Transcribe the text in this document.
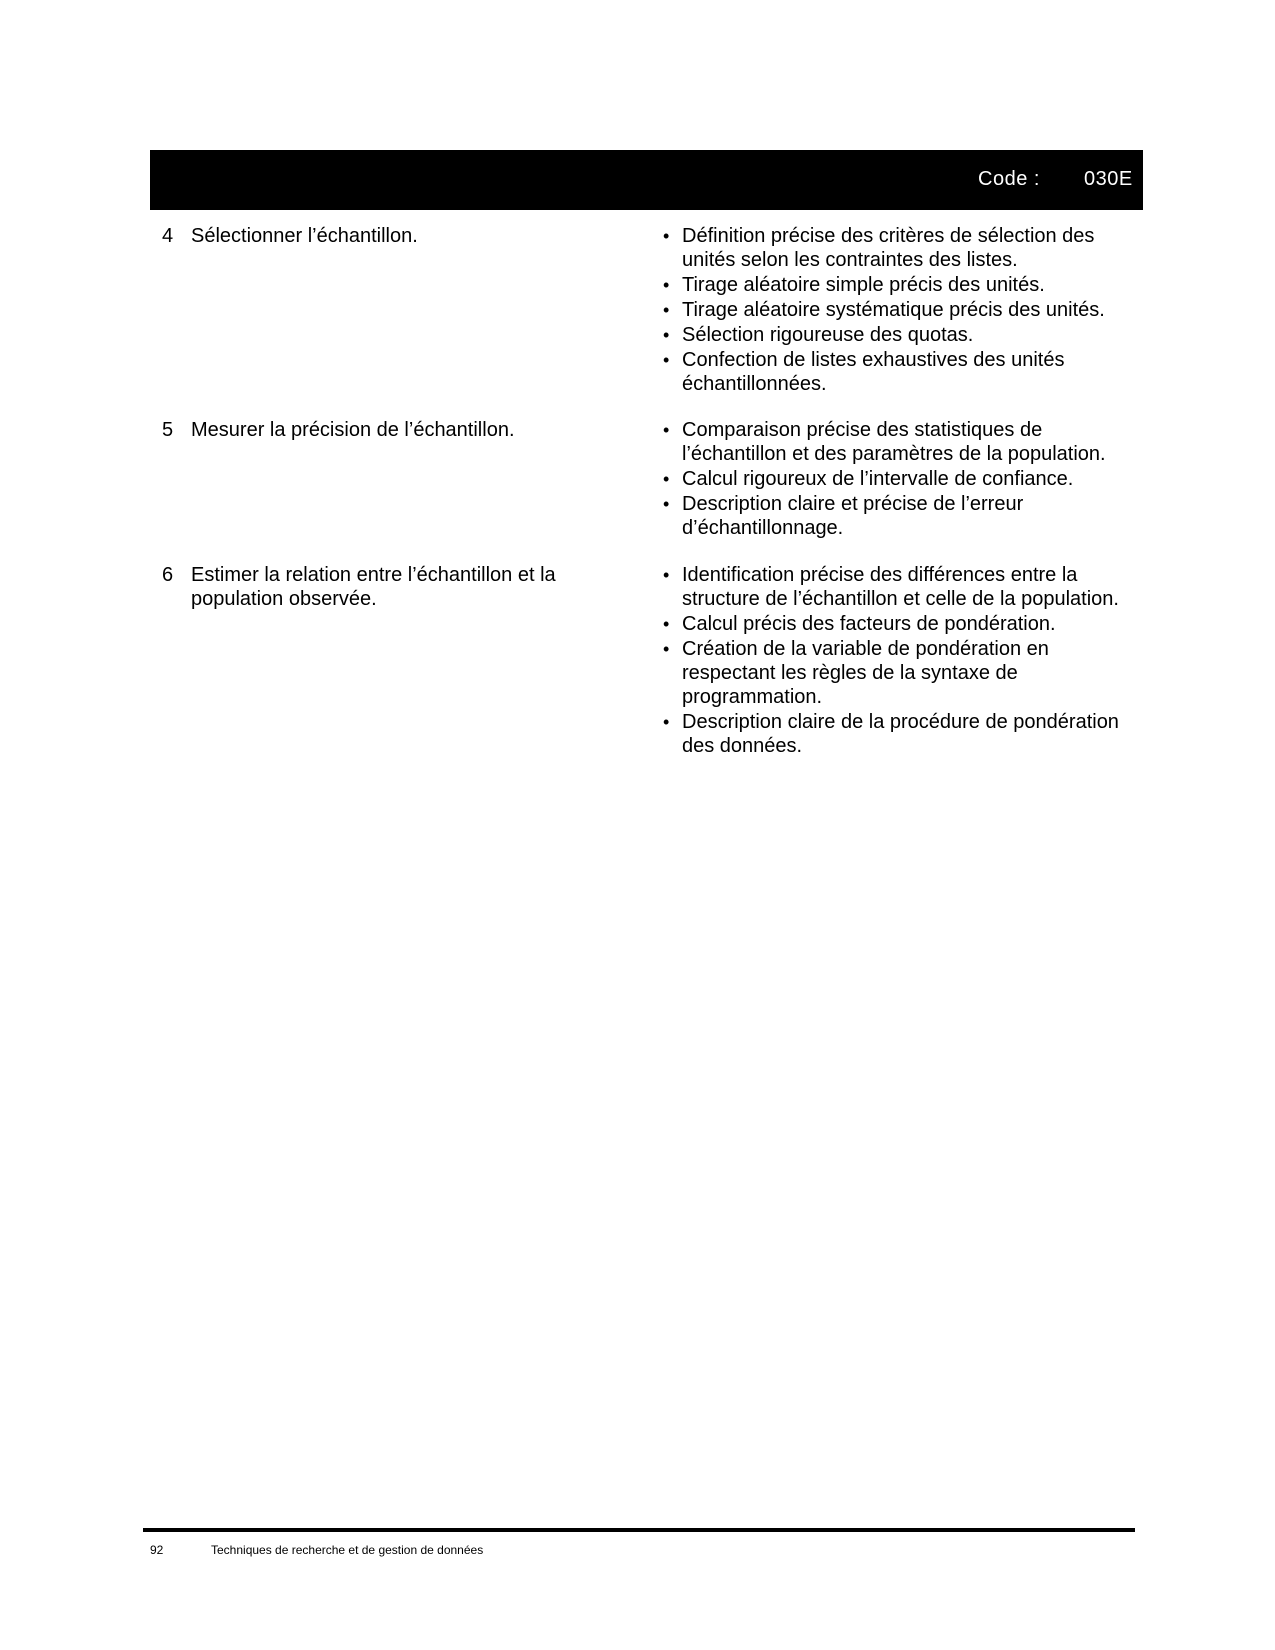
Code : 030E
4 Sélectionner l’échantillon.	• Définition précise des critères de sélection des unités selon les contraintes des listes.
• Tirage aléatoire simple précis des unités.
• Tirage aléatoire systématique précis des unités.
• Sélection rigoureuse des quotas.
• Confection de listes exhaustives des unités échantillonnées.
5 Mesurer la précision de l’échantillon.	• Comparaison précise des statistiques de l’échantillon et des paramètres de la population.
• Calcul rigoureux de l’intervalle de confiance.
• Description claire et précise de l’erreur d’échantillonnage.
6 Estimer la relation entre l’échantillon et la population observée.
• Identification précise des différences entre la structure de l’échantillon et celle de la population.
• Calcul précis des facteurs de pondération.
• Création de la variable de pondération en respectant les règles de la syntaxe de programmation.
• Description claire de la procédure de pondération des données.
92	Techniques de recherche et de gestion de données
